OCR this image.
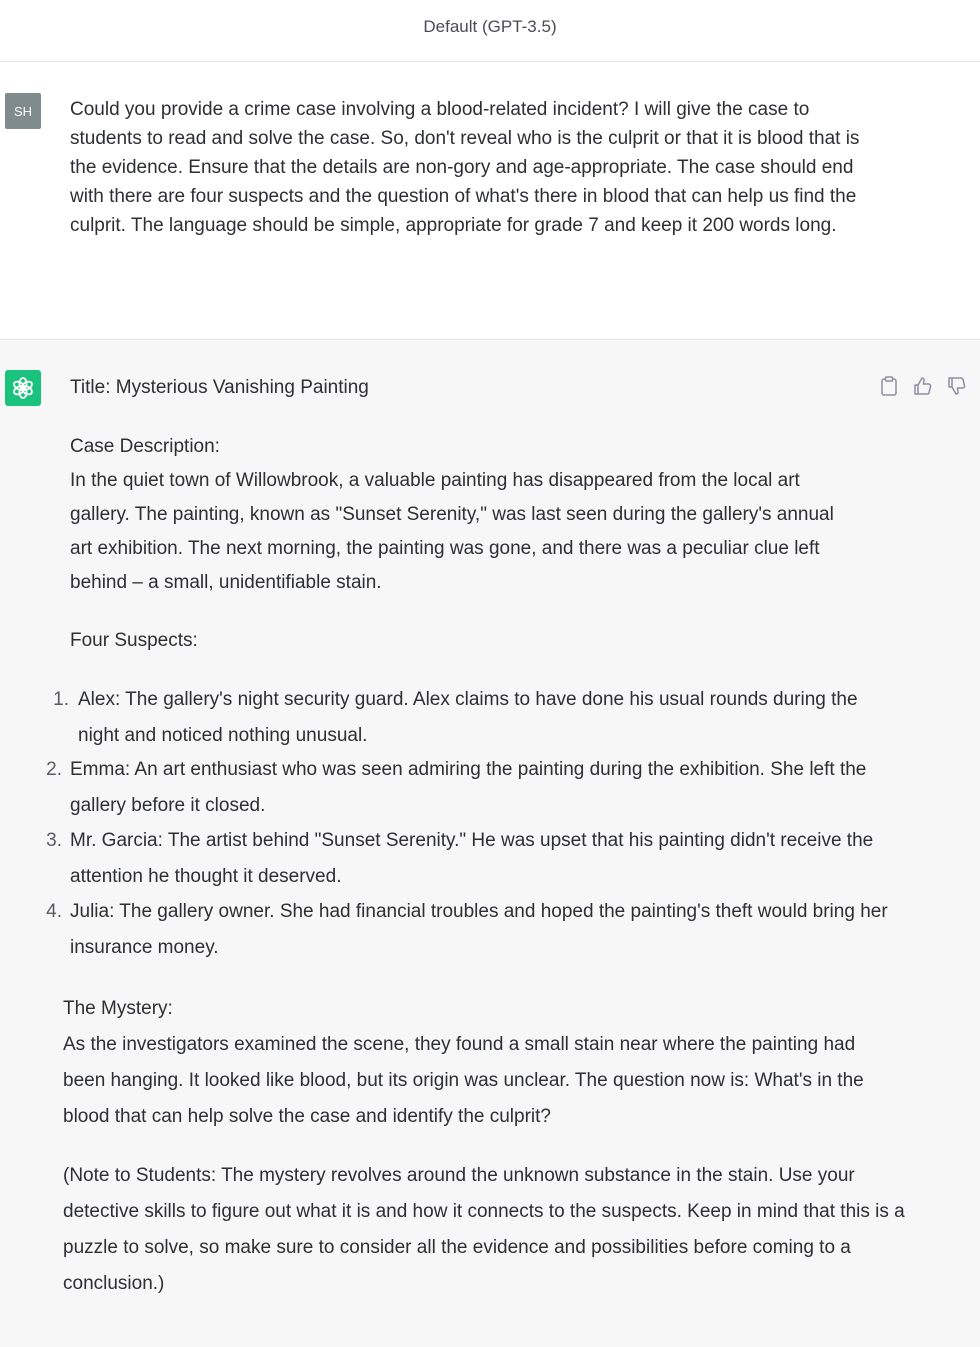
Default (GPT-3.5)
SH	Could you provide a crime case involving a blood-related incident? I will give the case to students to read and solve the case. So, don't reveal who is the culprit or that it is blood that is the evidence. Ensure that the details are non-gory and age-appropriate. The case should end with there are four suspects and the question of what's there in blood that can help us find the culprit. The language should be simple, appropriate for grade 7 and keep it 200 words long.
Title: Mysterious Vanishing Painting
Case Description:
In the quiet town of Willowbrook, a valuable painting has disappeared from the local art gallery. The painting, known as "Sunset Serenity," was last seen during the gallery's annual art exhibition. The next morning, the painting was gone, and there was a peculiar clue left behind – a small, unidentifiable stain.
Four Suspects:
1. Alex: The gallery's night security guard. Alex claims to have done his usual rounds during the night and noticed nothing unusual.
2. Emma: An art enthusiast who was seen admiring the painting during the exhibition. She left the gallery before it closed.
3. Mr. Garcia: The artist behind "Sunset Serenity." He was upset that his painting didn't receive the attention he thought it deserved.
4. Julia: The gallery owner. She had financial troubles and hoped the painting's theft would bring her insurance money.
The Mystery:
As the investigators examined the scene, they found a small stain near where the painting had been hanging. It looked like blood, but its origin was unclear. The question now is: What's in the blood that can help solve the case and identify the culprit?
(Note to Students: The mystery revolves around the unknown substance in the stain. Use your detective skills to figure out what it is and how it connects to the suspects. Keep in mind that this is a puzzle to solve, so make sure to consider all the evidence and possibilities before coming to a conclusion.)
